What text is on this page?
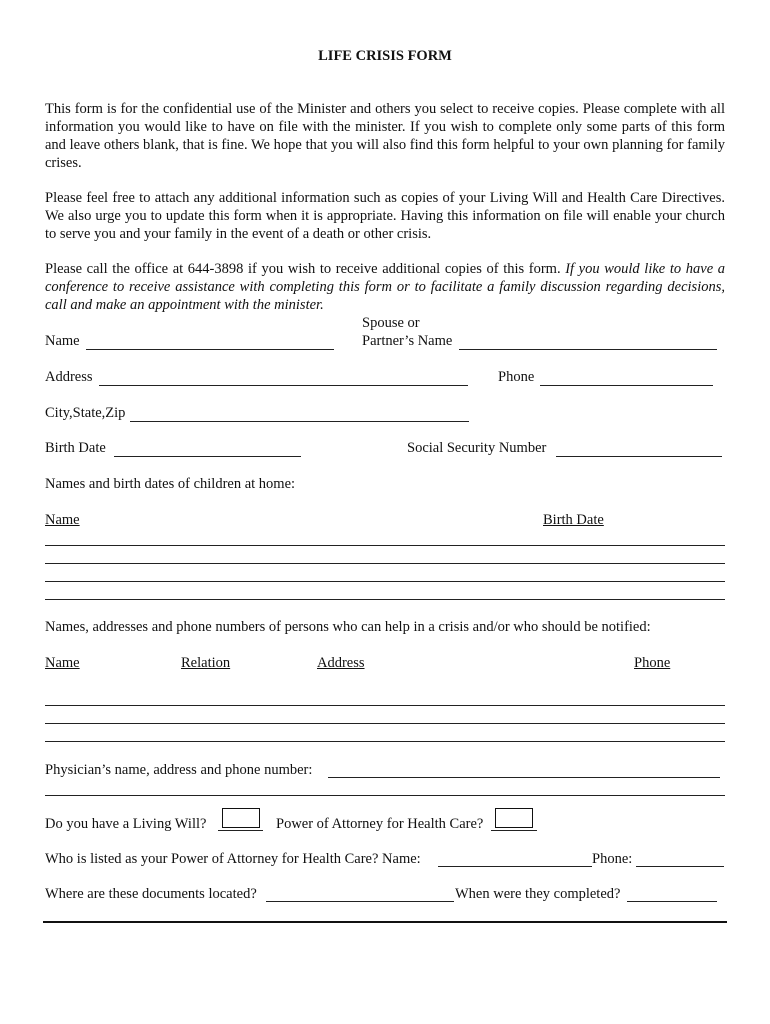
LIFE CRISIS FORM
This form is for the confidential use of the Minister and others you select to receive copies. Please complete with all information you would like to have on file with the minister. If you wish to complete only some parts of this form and leave others blank, that is fine. We hope that you will also find this form helpful to your own planning for family crises.
Please feel free to attach any additional information such as copies of your Living Will and Health Care Directives. We also urge you to update this form when it is appropriate. Having this information on file will enable your church to serve you and your family in the event of a death or other crisis.
Please call the office at 644-3898 if you wish to receive additional copies of this form. If you would like to have a conference to receive assistance with completing this form or to facilitate a family discussion regarding decisions, call and make an appointment with the minister.
Name
Spouse or
Partner’s Name
Address	Phone
City,State,Zip
Birth Date	Social Security Number
Names and birth dates of children at home:
Name	Birth Date
Names, addresses and phone numbers of persons who can help in a crisis and/or who should be notified:
Name	Relation	Address	Phone
Physician’s name, address and phone number:
Do you have a Living Will?	Power of Attorney for Health Care?
Who is listed as your Power of Attorney for Health Care? Name:	Phone:
Where are these documents located?	When were they completed?
